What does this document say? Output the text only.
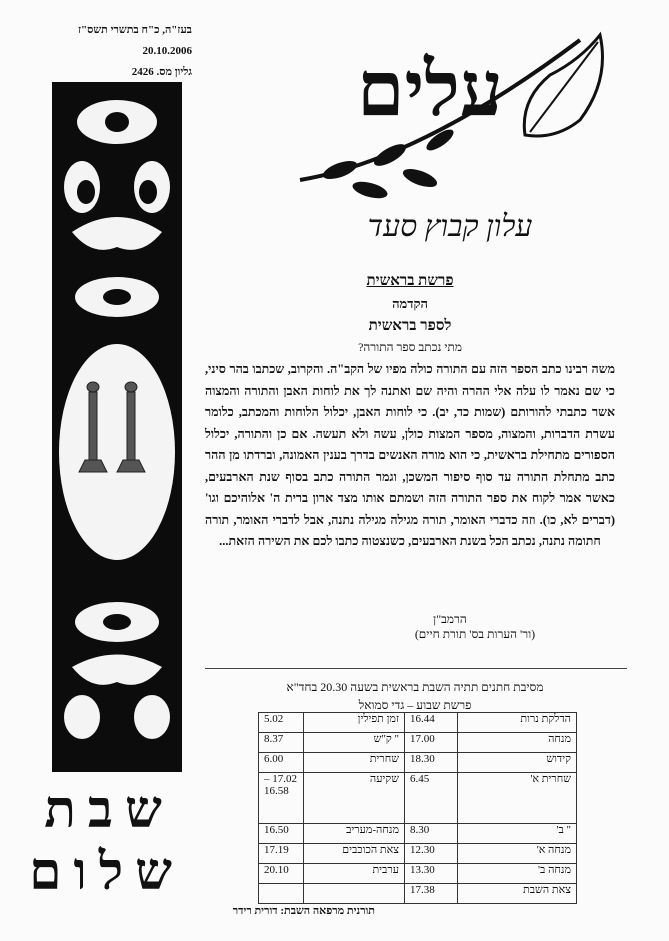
בעז"ה, כ"ח בתשרי תשס"ז
20.10.2006
גליון מס. 2426
שבת
שלום
עלים
עלון קבוץ סעד
פרשת בראשית
הקדמה
לספר בראשית
מתי נכתב ספר התורה?
משה רבינו כתב הספר הזה עם התורה כולה מפיו של הקב"ה. והקרוב, שכתבו בהר סיני, כי שם נאמר לו עלה אלי ההרה והיה שם ואתנה לך את לוחות האבן והתורה והמצוה אשר כתבתי להורותם (שמות כד, יב). כי לוחות האבן, יכלול הלוחות והמכתב, כלומר עשרת הדברות, והמצוה, מספר המצות כולן, עשה ולא תעשה. אם כן והתורה, יכלול הספורים מתחילת בראשית, כי הוא מורה האנשים בדרך בענין האמונה, וברדתו מן ההר כתב מתחלת התורה עד סוף סיפור המשכן, וגמר התורה כתב בסוף שנת הארבעים, כאשר אמר לקוח את ספר התורה הזה ושמתם אותו מצד ארון ברית ה' אלוהיכם וגו' (דברים לא, כו). וזה כדברי האומר, תורה מגילה מגילה נתנה, אבל לדברי האומר, תורה חתומה נתנה, נכתב הכל בשנת הארבעים, כשנצטוה כתבו לכם את השירה הזאת...
הרמב"ן
(ור' הערות בס' תורת חיים)
מסיבת חתנים תתיה השבת בראשית בשעה 20.30 בחד"א
פרשת שבוע – גדי סמואל
הדלקת נרות	16.44	זמן תפילין	5.02
מנחה	17.00	" ק"ש	8.37
קידוש	18.30	שחרית	6.00
שחרית א'	6.45	שקיעה	17.02 – 16.58
" ב'	8.30	מנחה-מעריב	16.50
מנחה א'	12.30	צאת הכוכבים	17.19
מנחה ב'	13.30	ערבית	20.10
צאת השבת	17.38		
תורנית מרפאה השבת: דורית רידר
